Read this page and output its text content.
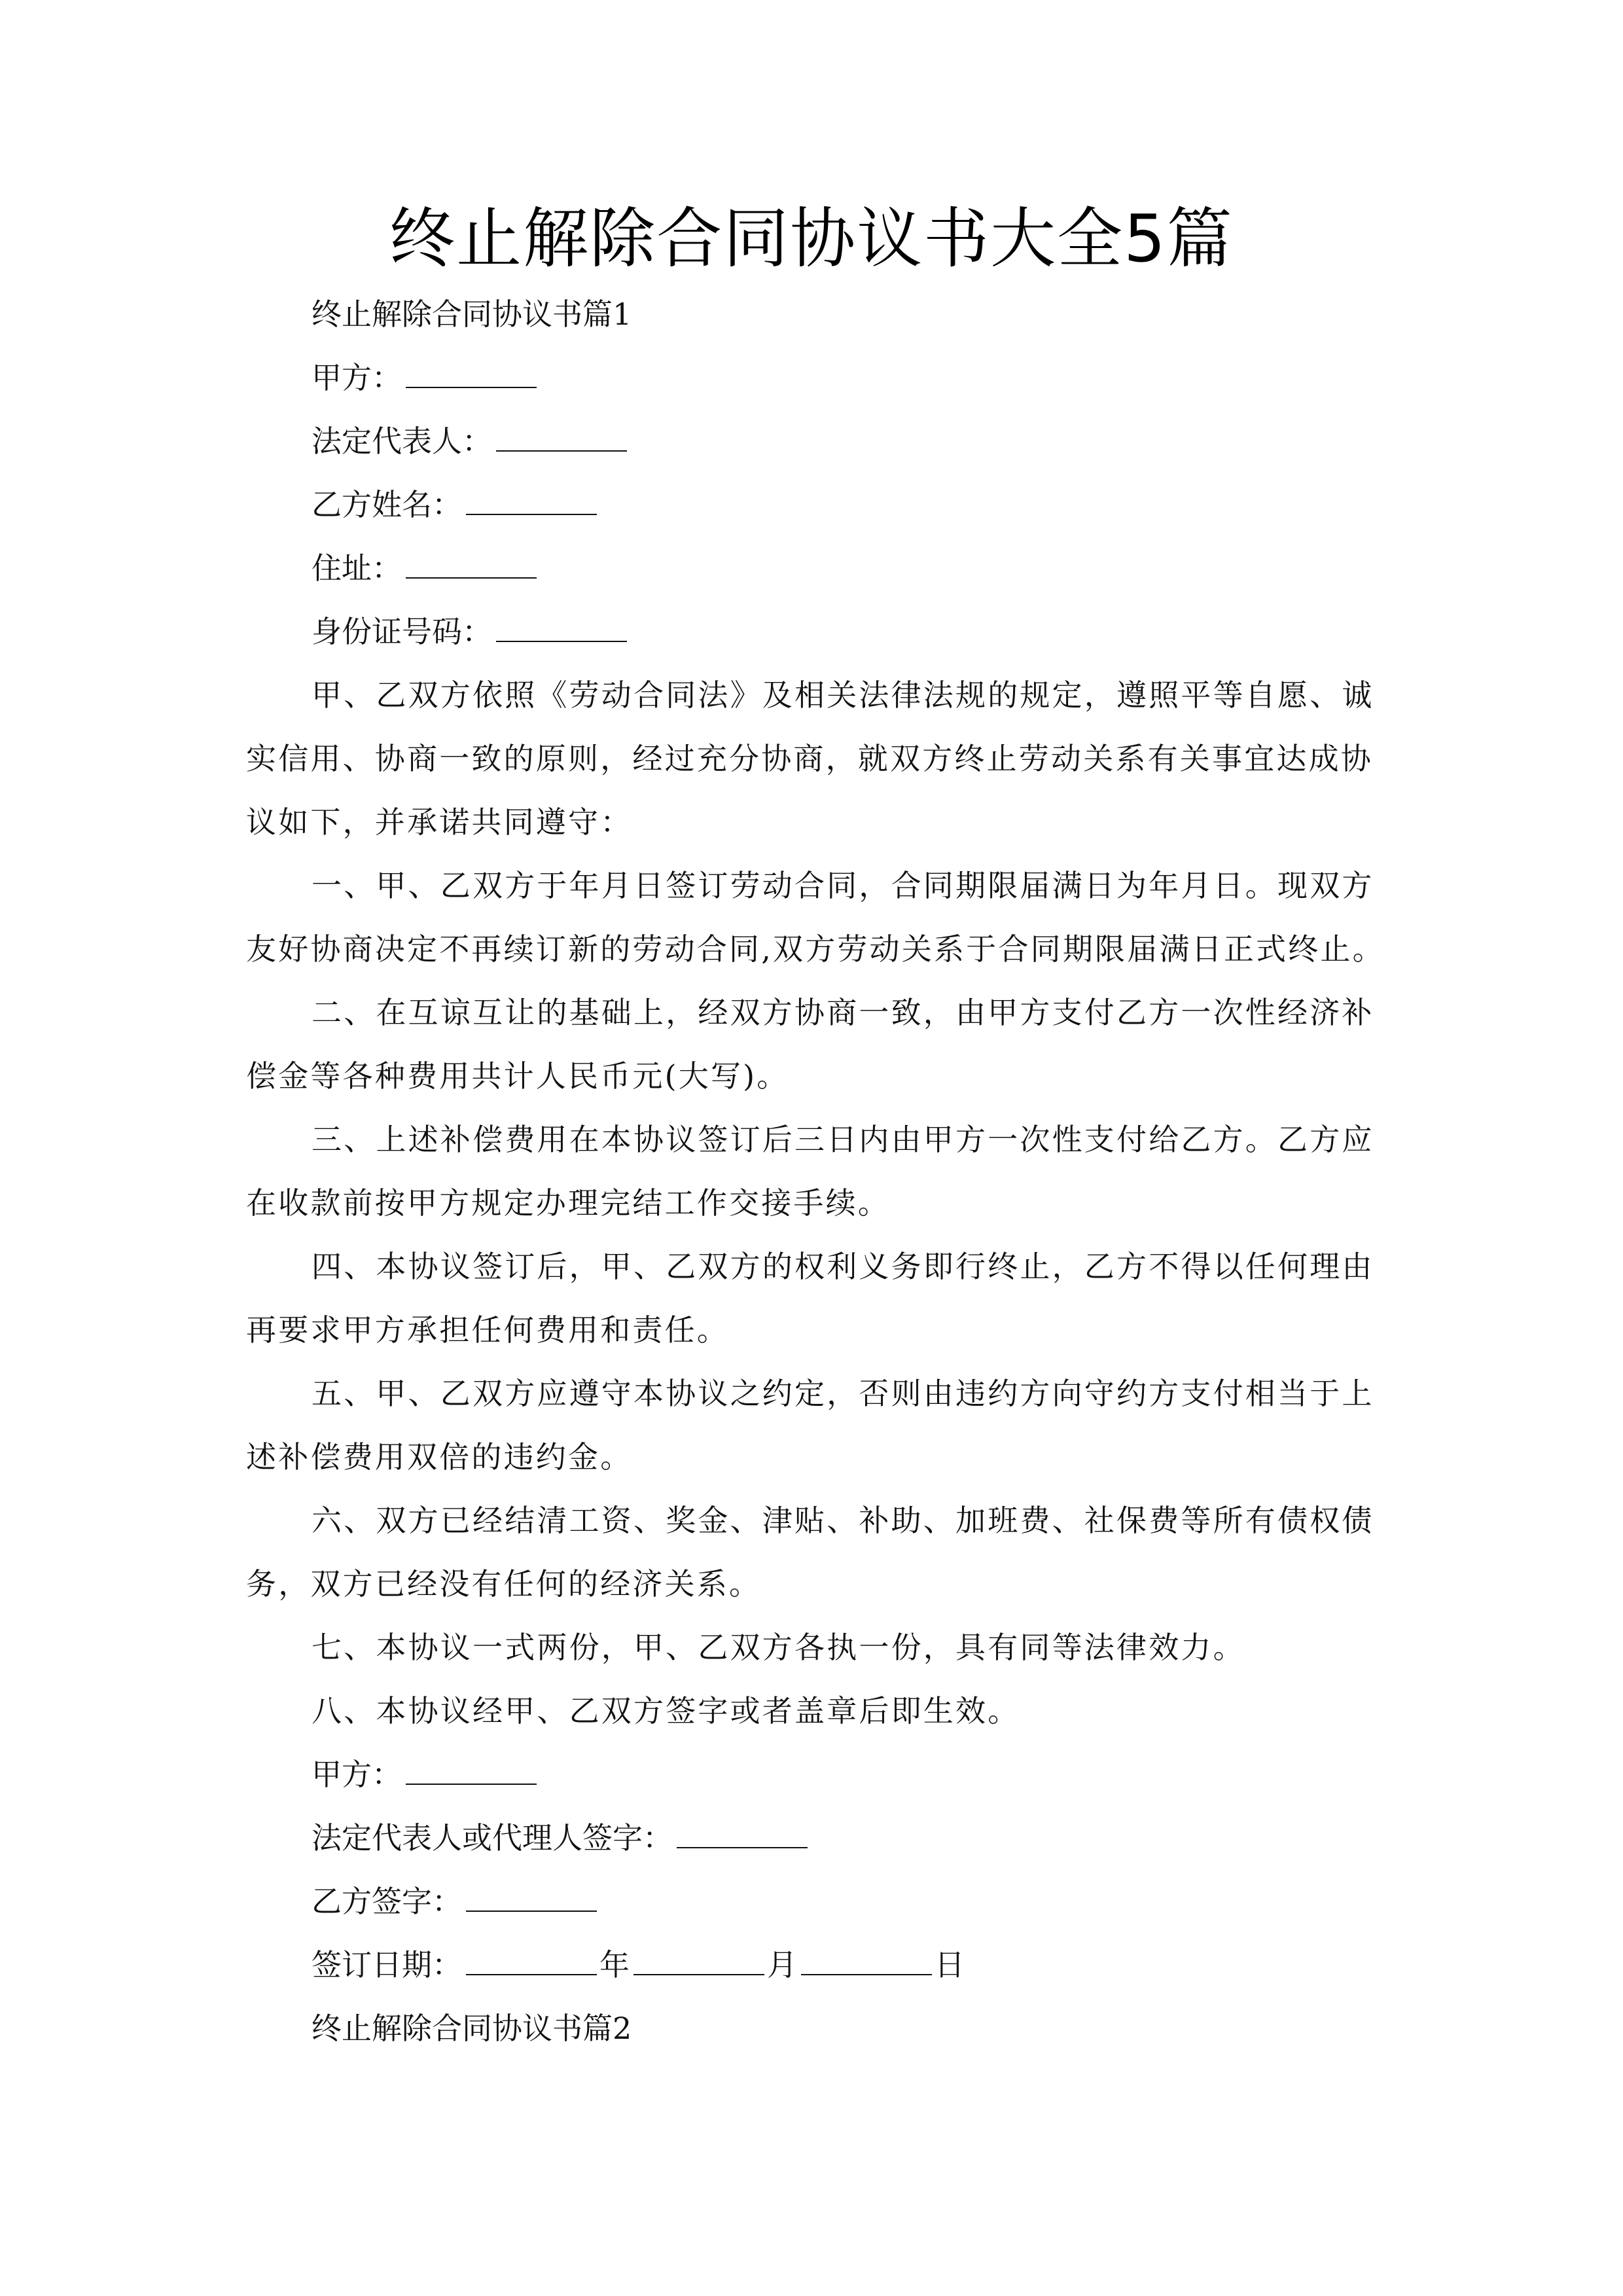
终止解除合同协议书大全5篇
终止解除合同协议书篇1
甲方：
法定代表人：
乙方姓名：
住址：
身份证号码：
甲、乙双方依照《劳动合同法》及相关法律法规的规定，遵照平等自愿、诚
实信用、协商一致的原则，经过充分协商，就双方终止劳动关系有关事宜达成协
议如下，并承诺共同遵守：
一、甲、乙双方于年月日签订劳动合同，合同期限届满日为年月日。现双方
友好协商决定不再续订新的劳动合同,双方劳动关系于合同期限届满日正式终止。
二、在互谅互让的基础上，经双方协商一致，由甲方支付乙方一次性经济补
偿金等各种费用共计人民币元(大写)。
三、上述补偿费用在本协议签订后三日内由甲方一次性支付给乙方。乙方应
在收款前按甲方规定办理完结工作交接手续。
四、本协议签订后，甲、乙双方的权利义务即行终止，乙方不得以任何理由
再要求甲方承担任何费用和责任。
五、甲、乙双方应遵守本协议之约定，否则由违约方向守约方支付相当于上
述补偿费用双倍的违约金。
六、双方已经结清工资、奖金、津贴、补助、加班费、社保费等所有债权债
务，双方已经没有任何的经济关系。
七、本协议一式两份，甲、乙双方各执一份，具有同等法律效力。
八、本协议经甲、乙双方签字或者盖章后即生效。
甲方：
法定代表人或代理人签字：
乙方签字：
签订日期：	年	月	日
终止解除合同协议书篇2
